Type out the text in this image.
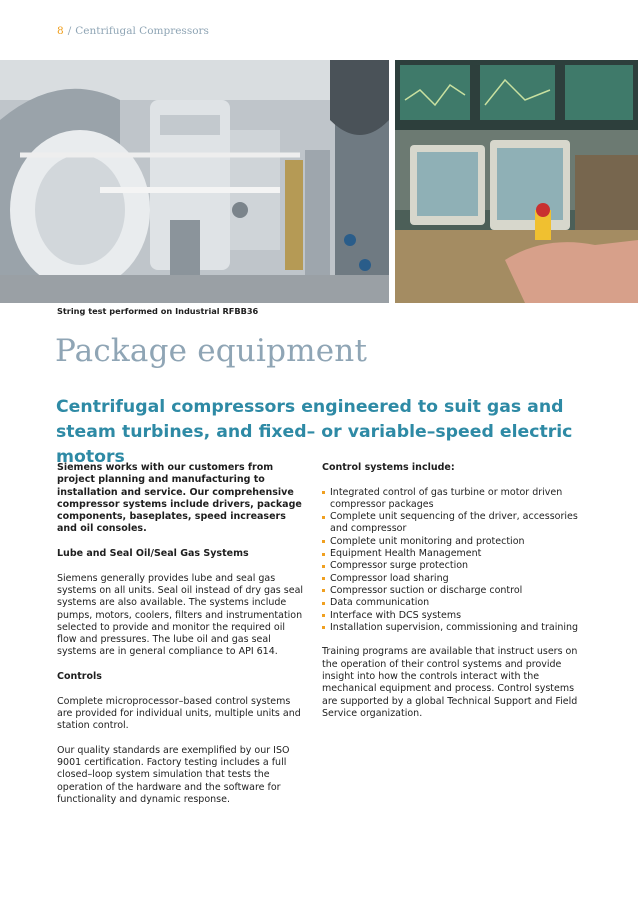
8 / Centrifugal Compressors
String test performed on Industrial RFBB36
Package equipment
Centrifugal compressors engineered to suit gas and steam turbines, and fixed– or variable–speed electric motors

Siemens works with our customers from project planning and manufacturing to installation and service. Our comprehensive compressor systems include drivers, package components, baseplates, speed increasers and oil consoles.

Lube and Seal Oil/Seal Gas Systems

Siemens generally provides lube and seal gas systems on all units. Seal oil instead of dry gas seal systems are also available. The systems include pumps, motors, coolers, filters and instrumentation selected to provide and monitor the required oil flow and pressures. The lube oil and gas seal systems are in general compliance to API 614.

Controls

Complete microprocessor–based control systems are provided for individual units, multiple units and station control.

Our quality standards are exemplified by our ISO 9001 certification. Factory testing includes a full closed–loop system simulation that tests the operation of the hardware and the software for functionality and dynamic response.

Control systems include:

Integrated control of gas turbine or motor driven compressor packages
Complete unit sequencing of the driver, accessories and compressor
Complete unit monitoring and protection
Equipment Health Management
Compressor surge protection
Compressor load sharing
Compressor suction or discharge control
Data communication
Interface with DCS systems
Installation supervision, commissioning and training

Training programs are available that instruct users on the operation of their control systems and provide insight into how the controls interact with the mechanical equipment and process. Control systems are supported by a global Technical Support and Field Service organization.
